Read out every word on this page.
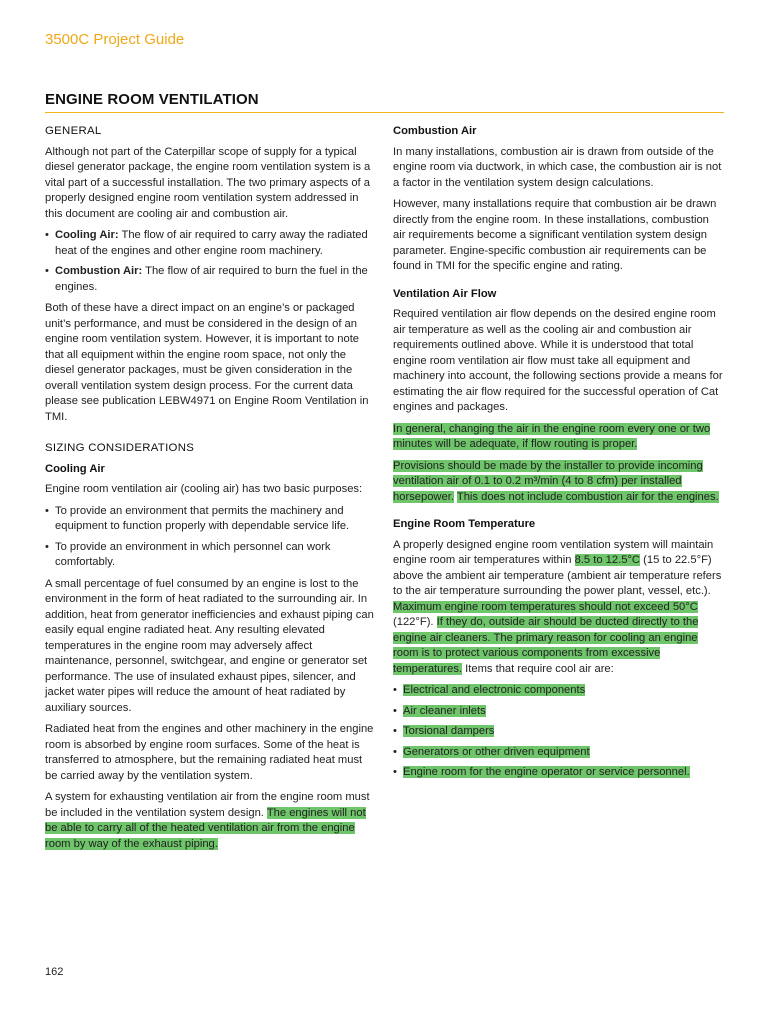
3500C Project Guide
ENGINE ROOM VENTILATION
GENERAL

Although not part of the Caterpillar scope of supply for a typical diesel generator package, the engine room ventilation system is a vital part of a successful installation. The two primary aspects of a properly designed engine room ventilation system addressed in this document are cooling air and combustion air.

• Cooling Air: The flow of air required to carry away the radiated heat of the engines and other engine room machinery.
• Combustion Air: The flow of air required to burn the fuel in the engines.

Both of these have a direct impact on an engine’s or packaged unit’s performance, and must be considered in the design of an engine room ventilation system. However, it is important to note that all equipment within the engine room space, not only the diesel generator packages, must be given consideration in the overall ventilation system design process. For the current data please see publication LEBW4971 on Engine Room Ventilation in TMI.

SIZING CONSIDERATIONS
Cooling Air

Engine room ventilation air (cooling air) has two basic purposes:

• To provide an environment that permits the machinery and equipment to function properly with dependable service life.
• To provide an environment in which personnel can work comfortably.

A small percentage of fuel consumed by an engine is lost to the environment in the form of heat radiated to the surrounding air. In addition, heat from generator inefficiencies and exhaust piping can easily equal engine radiated heat. Any resulting elevated temperatures in the engine room may adversely affect maintenance, personnel, switchgear, and engine or generator set performance. The use of insulated exhaust pipes, silencer, and jacket water pipes will reduce the amount of heat radiated by auxiliary sources.

Radiated heat from the engines and other machinery in the engine room is absorbed by engine room surfaces. Some of the heat is transferred to atmosphere, but the remaining radiated heat must be carried away by the ventilation system.

A system for exhausting ventilation air from the engine room must be included in the ventilation system design. The engines will not be able to carry all of the heated ventilation air from the engine room by way of the exhaust piping.

Combustion Air

In many installations, combustion air is drawn from outside of the engine room via ductwork, in which case, the combustion air is not a factor in the ventilation system design calculations.

However, many installations require that combustion air be drawn directly from the engine room. In these installations, combustion air requirements become a significant ventilation system design parameter. Engine-specific combustion air requirements can be found in TMI for the specific engine and rating.

Ventilation Air Flow

Required ventilation air flow depends on the desired engine room air temperature as well as the cooling air and combustion air requirements outlined above. While it is understood that total engine room ventilation air flow must take all equipment and machinery into account, the following sections provide a means for estimating the air flow required for the successful operation of Cat engines and packages.

In general, changing the air in the engine room every one or two minutes will be adequate, if flow routing is proper.

Provisions should be made by the installer to provide incoming ventilation air of 0.1 to 0.2 m³/min (4 to 8 cfm) per installed horsepower. This does not include combustion air for the engines.

Engine Room Temperature

A properly designed engine room ventilation system will maintain engine room air temperatures within 8.5 to 12.5°C (15 to 22.5°F) above the ambient air temperature (ambient air temperature refers to the air temperature surrounding the power plant, vessel, etc.). Maximum engine room temperatures should not exceed 50°C (122°F). If they do, outside air should be ducted directly to the engine air cleaners. The primary reason for cooling an engine room is to protect various components from excessive temperatures. Items that require cool air are:

• Electrical and electronic components
• Air cleaner inlets
• Torsional dampers
• Generators or other driven equipment
• Engine room for the engine operator or service personnel.
162
